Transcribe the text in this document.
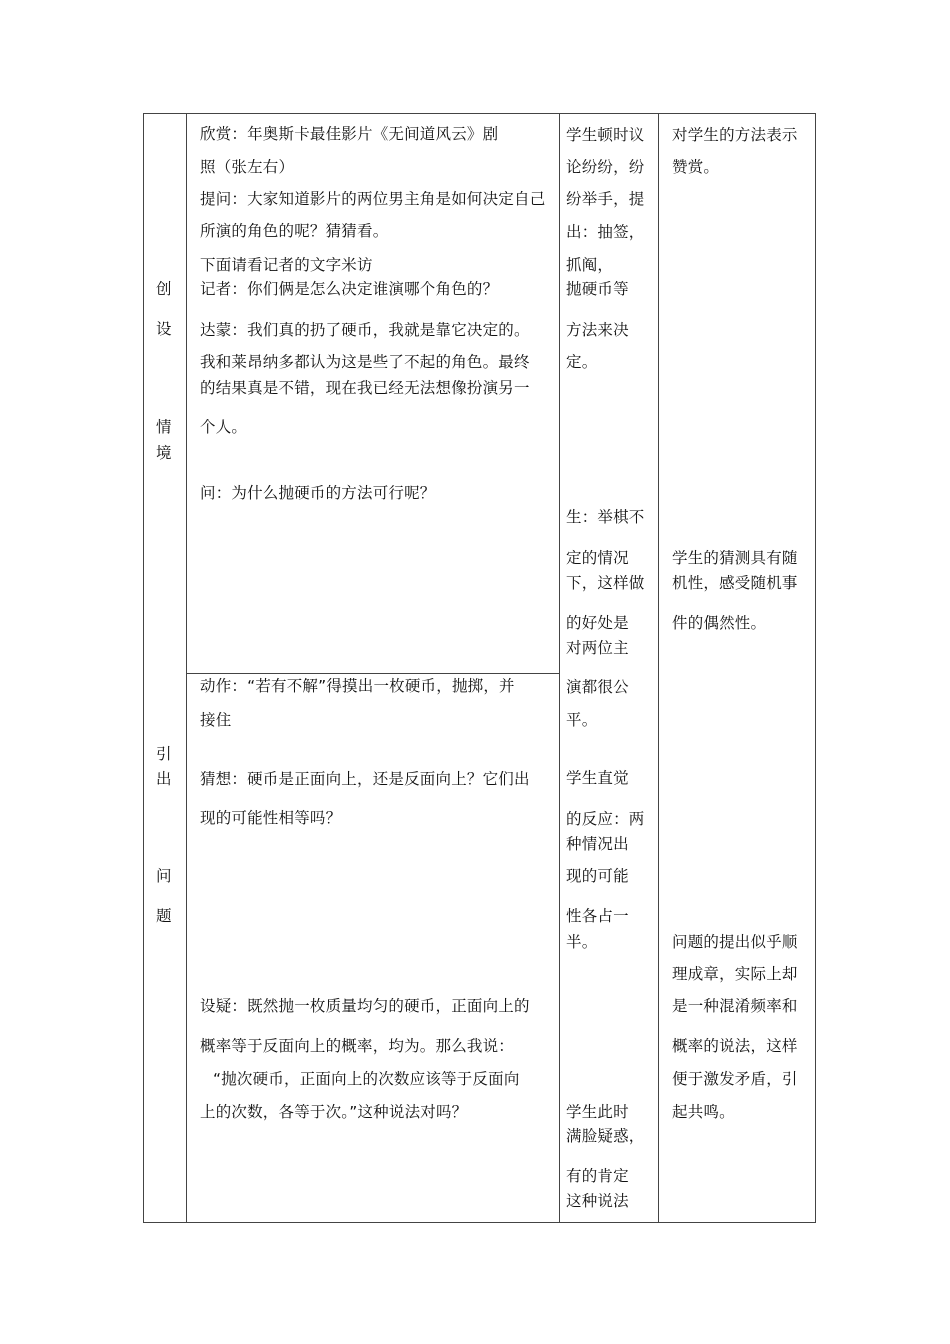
创
设
情
境
引
出
问
题
欣赏：年奥斯卡最佳影片《无间道风云》剧
照（张左右）
提问：大家知道影片的两位男主角是如何决定自己
所演的角色的呢？猜猜看。
下面请看记者的文字米访
记者：你们俩是怎么决定谁演哪个角色的？
达蒙：我们真的扔了硬币，我就是靠它决定的。
我和莱昂纳多都认为这是些了不起的角色。最终
的结果真是不错，现在我已经无法想像扮演另一
个人。
问：为什么抛硬币的方法可行呢？
动作：“若有不解”得摸出一枚硬币，抛掷，并
接住
猜想：硬币是正面向上，还是反面向上？它们出
现的可能性相等吗？
设疑：既然抛一枚质量均匀的硬币，正面向上的
概率等于反面向上的概率，均为。那么我说：
“抛次硬币，正面向上的次数应该等于反面向
上的次数，各等于次。”这种说法对吗？
学生顿时议
论纷纷，纷
纷举手，提
出：抽签，
抓阄，
抛硬币等
方法来决
定。
生：举棋不
定的情况
下，这样做
的好处是
对两位主
演都很公
平。
学生直觉
的反应：两
种情况出
现的可能
性各占一
半。
学生此时
满脸疑惑，
有的肯定
这种说法
对学生的方法表示
赞赏。
学生的猜测具有随
机性，感受随机事
件的偶然性。
问题的提出似乎顺
理成章，实际上却
是一种混淆频率和
概率的说法，这样
便于激发矛盾，引
起共鸣。
